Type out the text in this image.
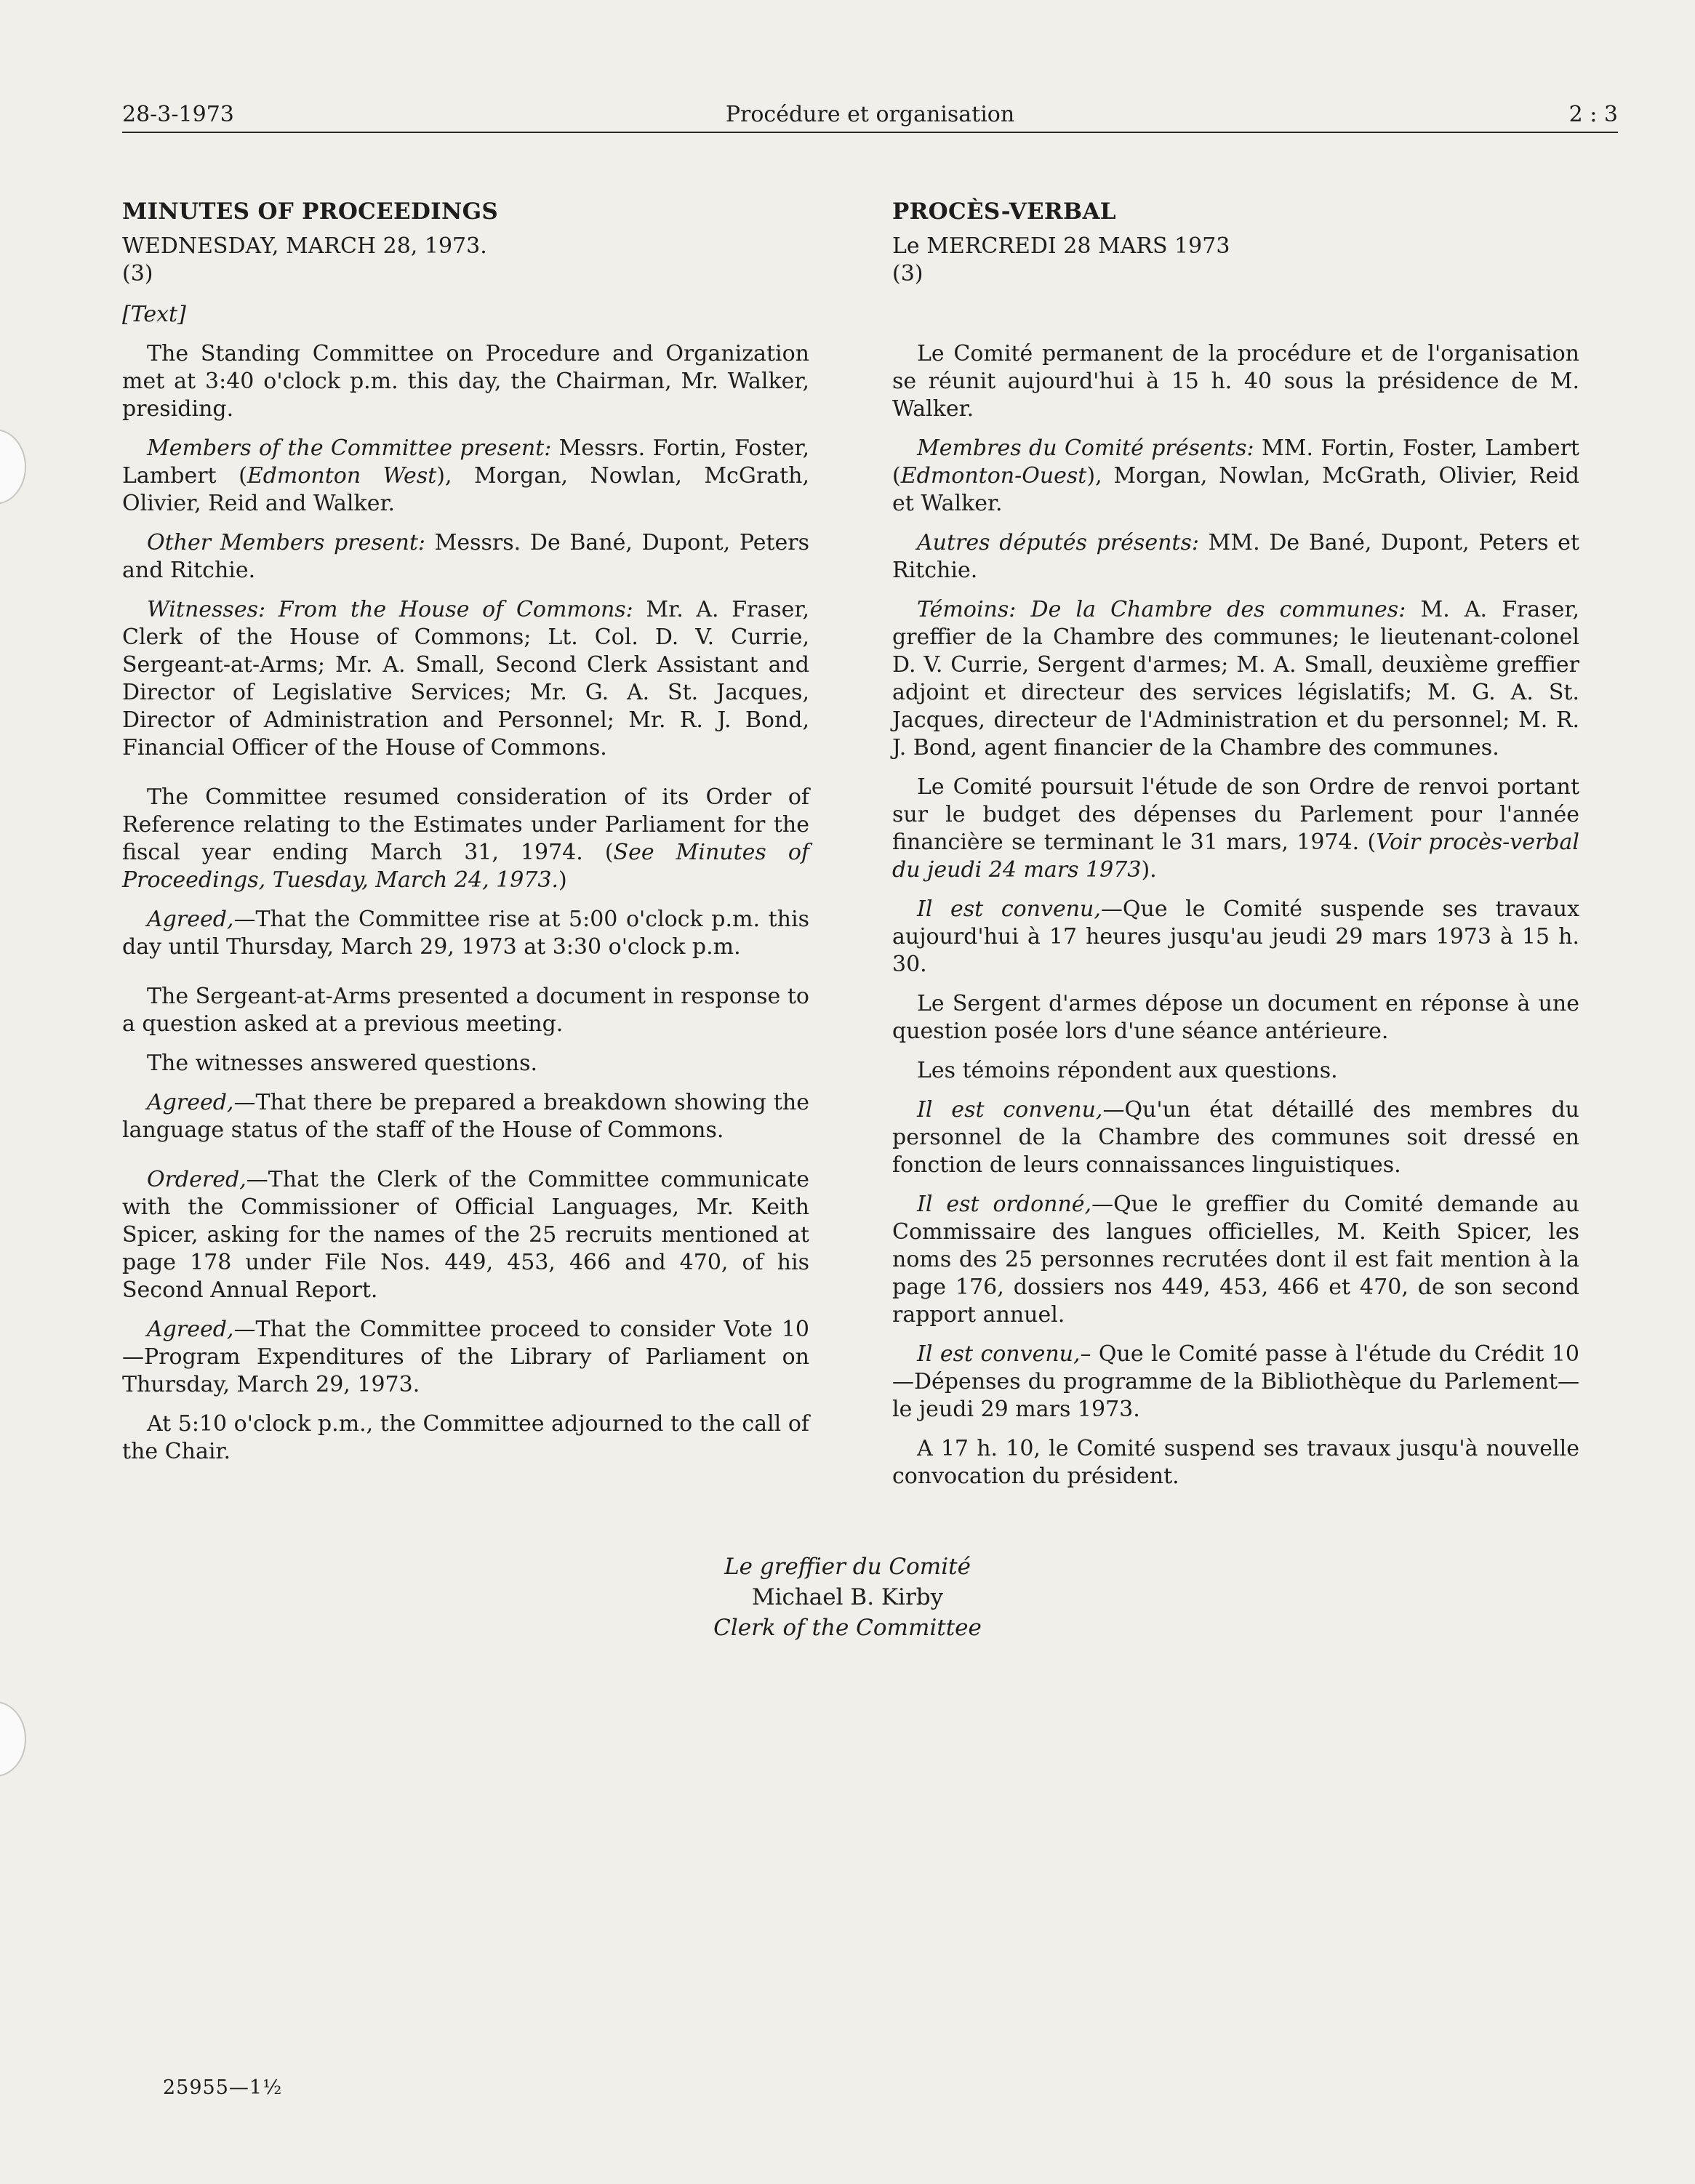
28-3-1973	Procédure et organisation	2 : 3
MINUTES OF PROCEEDINGS

WEDNESDAY, MARCH 28, 1973.

(3)

[Text]

The Standing Committee on Procedure and Organization met at 3:40 o'clock p.m. this day, the Chairman, Mr. Walker, presiding.

Members of the Committee present: Messrs. Fortin, Foster, Lambert (Edmonton West), Morgan, Nowlan, McGrath, Olivier, Reid and Walker.

Other Members present: Messrs. De Bané, Dupont, Peters and Ritchie.

Witnesses: From the House of Commons: Mr. A. Fraser, Clerk of the House of Commons; Lt. Col. D. V. Currie, Sergeant-at-Arms; Mr. A. Small, Second Clerk Assistant and Director of Legislative Services; Mr. G. A. St. Jacques, Director of Administration and Personnel; Mr. R. J. Bond, Financial Officer of the House of Commons.

The Committee resumed consideration of its Order of Reference relating to the Estimates under Parliament for the fiscal year ending March 31, 1974. (See Minutes of Proceedings, Tuesday, March 24, 1973.)

Agreed,—That the Committee rise at 5:00 o'clock p.m. this day until Thursday, March 29, 1973 at 3:30 o'clock p.m.

The Sergeant-at-Arms presented a document in response to a question asked at a previous meeting.

The witnesses answered questions.

Agreed,—That there be prepared a breakdown showing the language status of the staff of the House of Commons.

Ordered,—That the Clerk of the Committee communicate with the Commissioner of Official Languages, Mr. Keith Spicer, asking for the names of the 25 recruits mentioned at page 178 under File Nos. 449, 453, 466 and 470, of his Second Annual Report.

Agreed,—That the Committee proceed to consider Vote 10—Program Expenditures of the Library of Parliament on Thursday, March 29, 1973.

At 5:10 o'clock p.m., the Committee adjourned to the call of the Chair.

PROCÈS-VERBAL

Le MERCREDI 28 MARS 1973

(3)

Le Comité permanent de la procédure et de l'organisation se réunit aujourd'hui à 15 h. 40 sous la présidence de M. Walker.

Membres du Comité présents: MM. Fortin, Foster, Lambert (Edmonton-Ouest), Morgan, Nowlan, McGrath, Olivier, Reid et Walker.

Autres députés présents: MM. De Bané, Dupont, Peters et Ritchie.

Témoins: De la Chambre des communes: M. A. Fraser, greffier de la Chambre des communes; le lieutenant-colonel D. V. Currie, Sergent d'armes; M. A. Small, deuxième greffier adjoint et directeur des services législatifs; M. G. A. St. Jacques, directeur de l'Administration et du personnel; M. R. J. Bond, agent financier de la Chambre des communes.

Le Comité poursuit l'étude de son Ordre de renvoi portant sur le budget des dépenses du Parlement pour l'année financière se terminant le 31 mars, 1974. (Voir procès-verbal du jeudi 24 mars 1973).

Il est convenu,—Que le Comité suspende ses travaux aujourd'hui à 17 heures jusqu'au jeudi 29 mars 1973 à 15 h. 30.

Le Sergent d'armes dépose un document en réponse à une question posée lors d'une séance antérieure.

Les témoins répondent aux questions.

Il est convenu,—Qu'un état détaillé des membres du personnel de la Chambre des communes soit dressé en fonction de leurs connaissances linguistiques.

Il est ordonné,—Que le greffier du Comité demande au Commissaire des langues officielles, M. Keith Spicer, les noms des 25 personnes recrutées dont il est fait mention à la page 176, dossiers nos 449, 453, 466 et 470, de son second rapport annuel.

Il est convenu,– Que le Comité passe à l'étude du Crédit 10—Dépenses du programme de la Bibliothèque du Parlement—le jeudi 29 mars 1973.

A 17 h. 10, le Comité suspend ses travaux jusqu'à nouvelle convocation du président.

Le greffier du Comité
Michael B. Kirby
Clerk of the Committee
25955—1½
